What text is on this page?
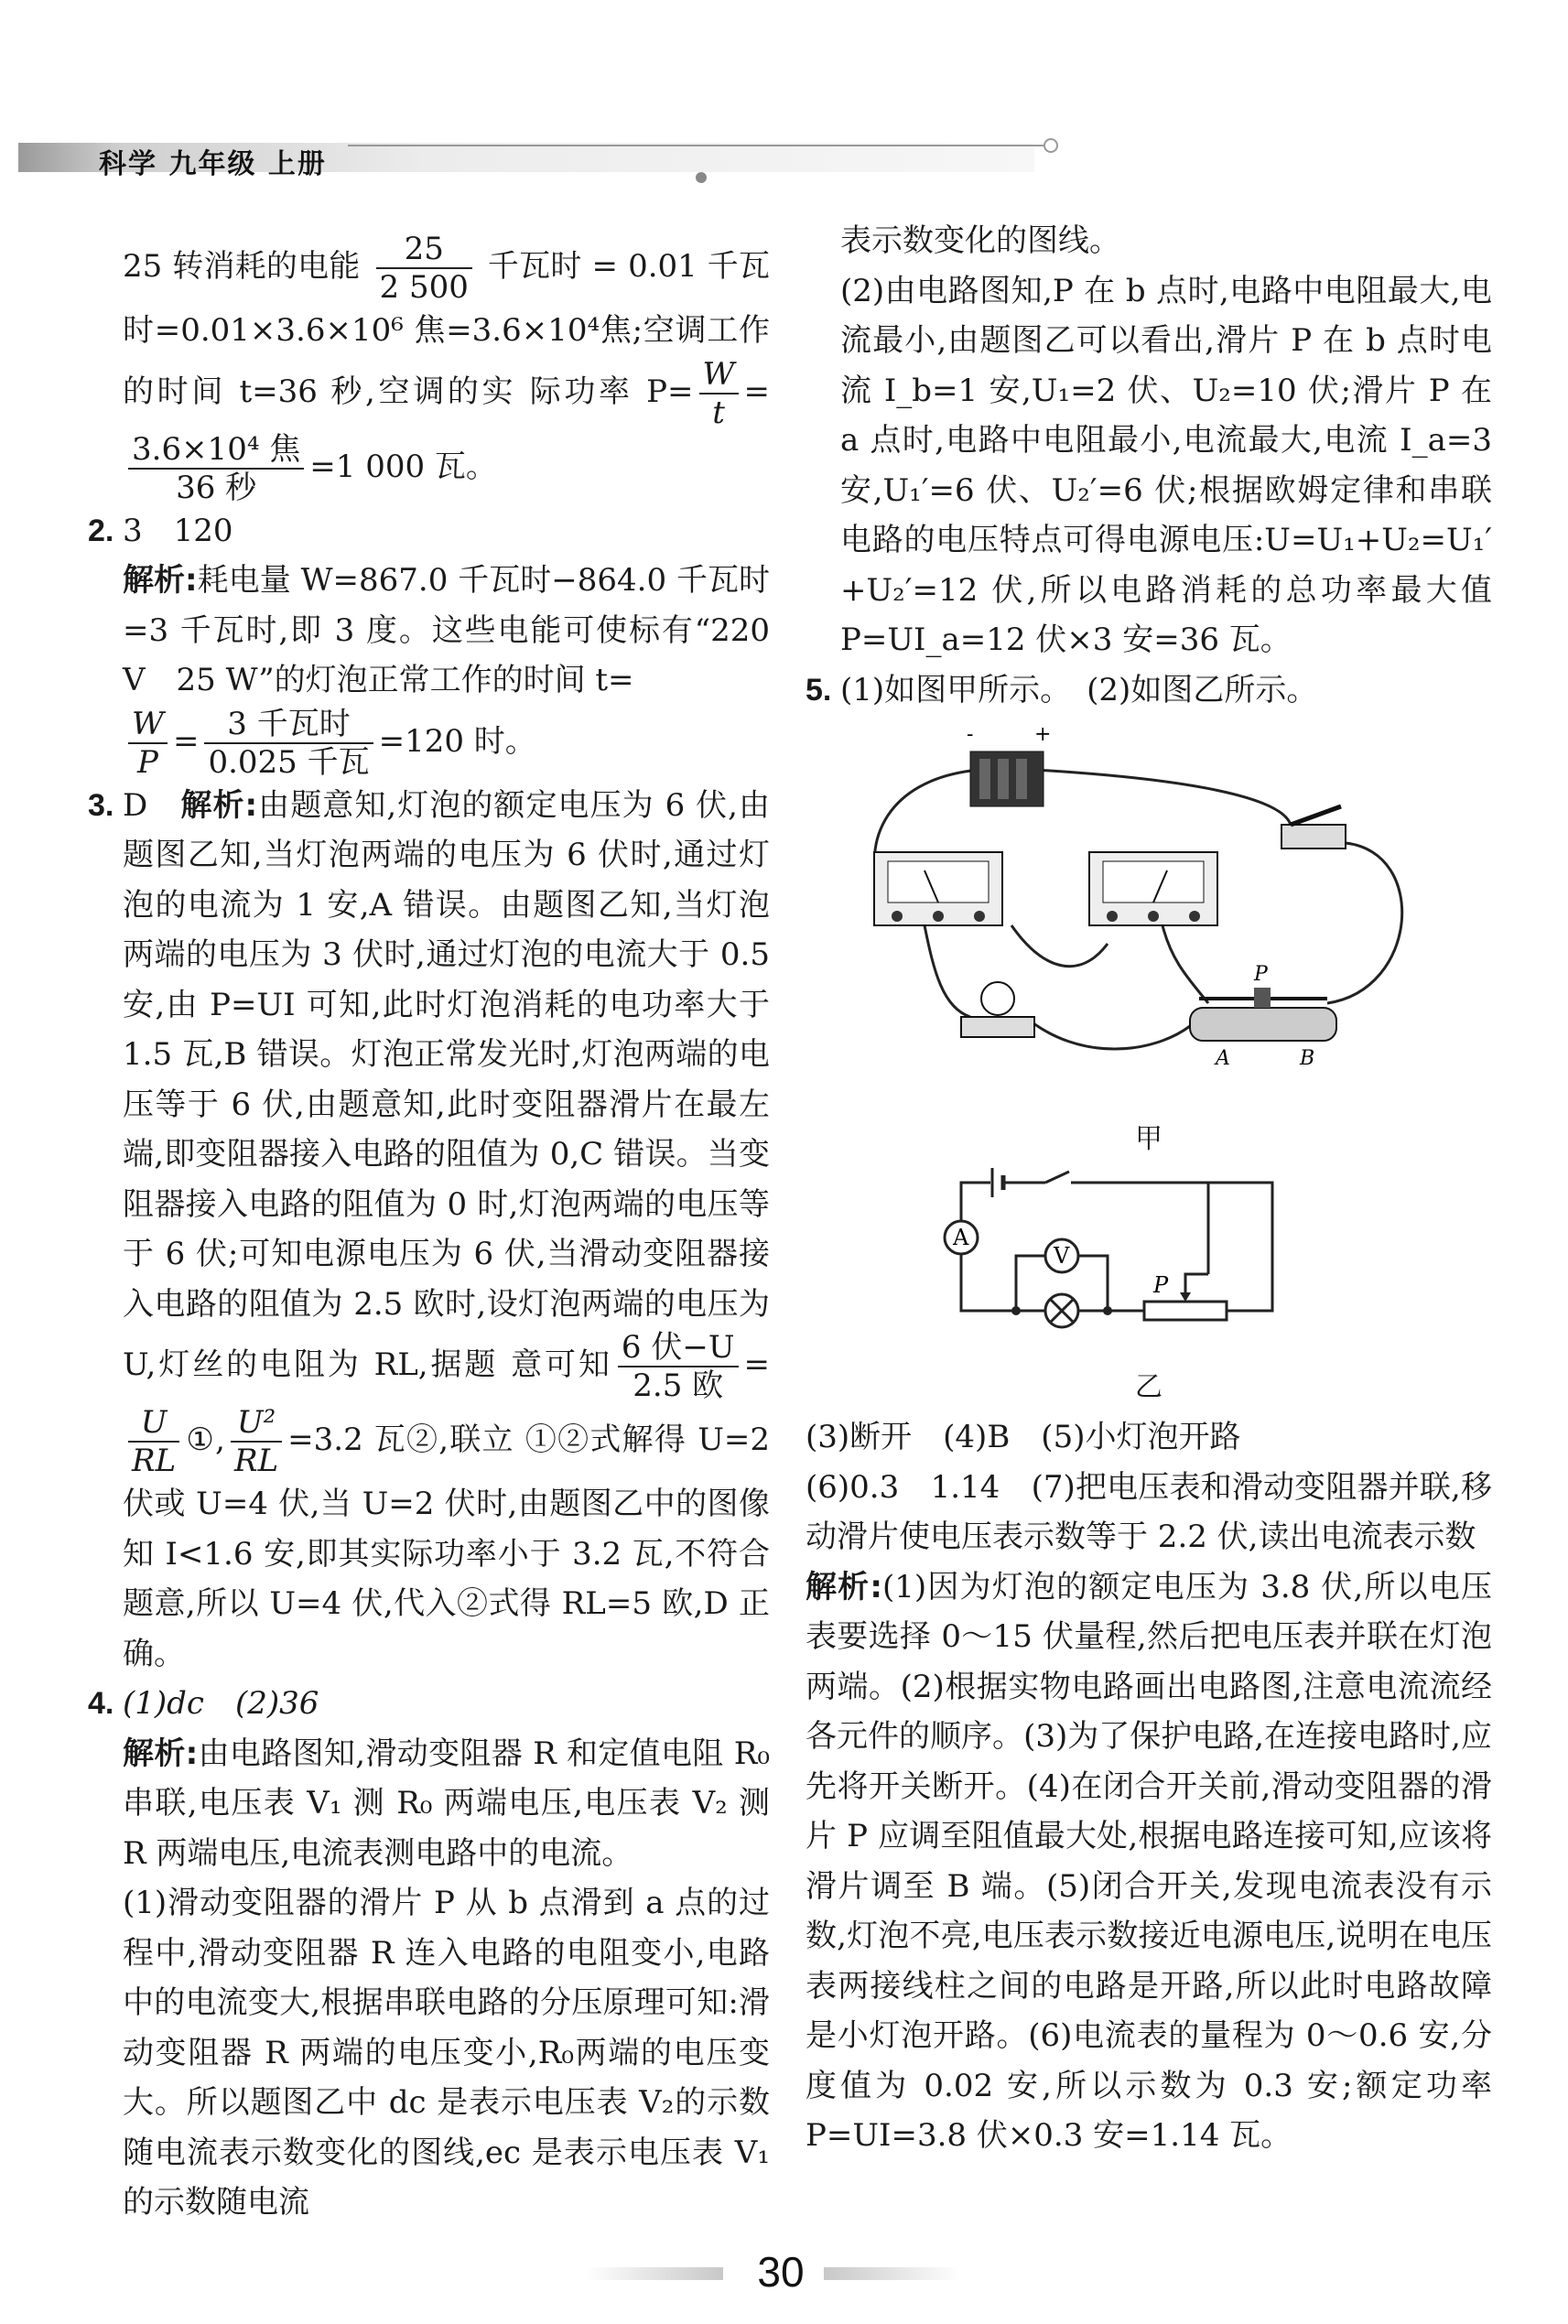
科学 九年级 上册

25 转消耗的电能 $\frac{25}{2 500}$ 千瓦时 = 0.01 千瓦时=0.01×3.6×10⁶ 焦=3.6×10⁴焦;空调工作的时间 t=36 秒,空调的实 际功率 $P= \frac{W}{t}$ =
$\frac{\text{3.6×10⁴ 焦}}{\text{36 秒}} =1$ 000 瓦。

2. 3　120
解析:耗电量 W=867.0 千瓦时−864.0 千瓦时=3 千瓦时,即 3 度。这些电能可使标有“220 V　25 W”的灯泡正常工作的时间 t=

$\frac{W}{P} = \frac{\text{3 千瓦时}}{\text{0.025 千瓦}} =120$ 时。

3. D　 解析:由题意知,灯泡的额定电压为 6 伏,由题图乙知,当灯泡两端的电压为 6 伏时,通过灯泡的电流为 1 安,A 错误。由题图乙知,当灯泡两端的电压为 3 伏时,通过灯泡的电流大于 0.5 安,由 P=UI 可知,此时灯泡消耗的电功率大于 1.5 瓦,B 错误。灯泡正常发光时,灯泡两端的电压等于 6 伏,由题意知,此时变阻器滑片在最左端,即变阻器接入电路的阻值为 0,C 错误。当变阻器接入电路的阻值为 0 时,灯泡两端的电压等于 6 伏;可知电源电压为 6 伏,当滑动变阻器接入电路的阻值为 2.5 欧时,设灯泡两端的电压为 U,灯丝的电阻为 RL,据题 意可知 $\frac{\text{6 伏−U}}{\text{2.5 欧}}$ =
$\frac{U}{RL}$ ①, $\frac{\text{U²}}{RL} =3.2$ 瓦②,联立 ①②式解得 U=2 伏或 U=4 伏,当 U=2 伏时,由题图乙中的图像知 I<1.6 安,即其实际功率小于 3.2 瓦,不符合题意,所以 U=4 伏,代入②式得 RL=5 欧,D 正确。

4. (1)dc　(2)36
解析:由电路图知,滑动变阻器 R 和定值电阻 R₀ 串联,电压表 V₁ 测 R₀ 两端电压,电压表 V₂ 测 R 两端电压,电流表测电路中的电流。
(1)滑动变阻器的滑片 P 从 b 点滑到 a 点的过程中,滑动变阻器 R 连入电路的电阻变小,电路中的电流变大,根据串联电路的分压原理可知:滑动变阻器 R 两端的电压变小,R₀两端的电压变大。所以题图乙中 dc 是表示电压表 V₂的示数随电流表示数变化的图线,ec 是表示电压表 V₁ 的示数随电流

表示数变化的图线。
(2)由电路图知,P 在 b 点时,电路中电阻最大,电流最小,由题图乙可以看出,滑片 P 在 b 点时电流 I_b=1 安,U₁=2 伏、U₂=10 伏;滑片 P 在 a 点时,电路中电阻最小,电流最大,电流 I_a=3 安,U₁′=6 伏、U₂′=6 伏;根据欧姆定律和串联电路的电压特点可得电源电压:U=U₁+U₂=U₁′+U₂′=12 伏,所以电路消耗的总功率最大值 P=UI_a=12 伏×3 安=36 瓦。

5. (1)如图甲所示。　(2)如图乙所示。

-	+
P
A	B
甲
A
V
P
乙

(3)断开　(4)B　(5)小灯泡开路
(6)0.3　1.14　(7)把电压表和滑动变阻器并联,移动滑片使电压表示数等于 2.2 伏,读出电流表示数
解析:(1)因为灯泡的额定电压为 3.8 伏,所以电压表要选择 0～15 伏量程,然后把电压表并联在灯泡两端。(2)根据实物电路画出电路图,注意电流流经各元件的顺序。(3)为了保护电路,在连接电路时,应先将开关断开。(4)在闭合开关前,滑动变阻器的滑片 P 应调至阻值最大处,根据电路连接可知,应该将滑片调至 B 端。(5)闭合开关,发现电流表没有示数,灯泡不亮,电压表示数接近电源电压,说明在电压表两接线柱之间的电路是开路,所以此时电路故障是小灯泡开路。(6)电流表的量程为 0～0.6 安,分度值为 0.02 安,所以示数为 0.3 安;额定功率 P=UI=3.8 伏×0.3 安=1.14 瓦。

30
